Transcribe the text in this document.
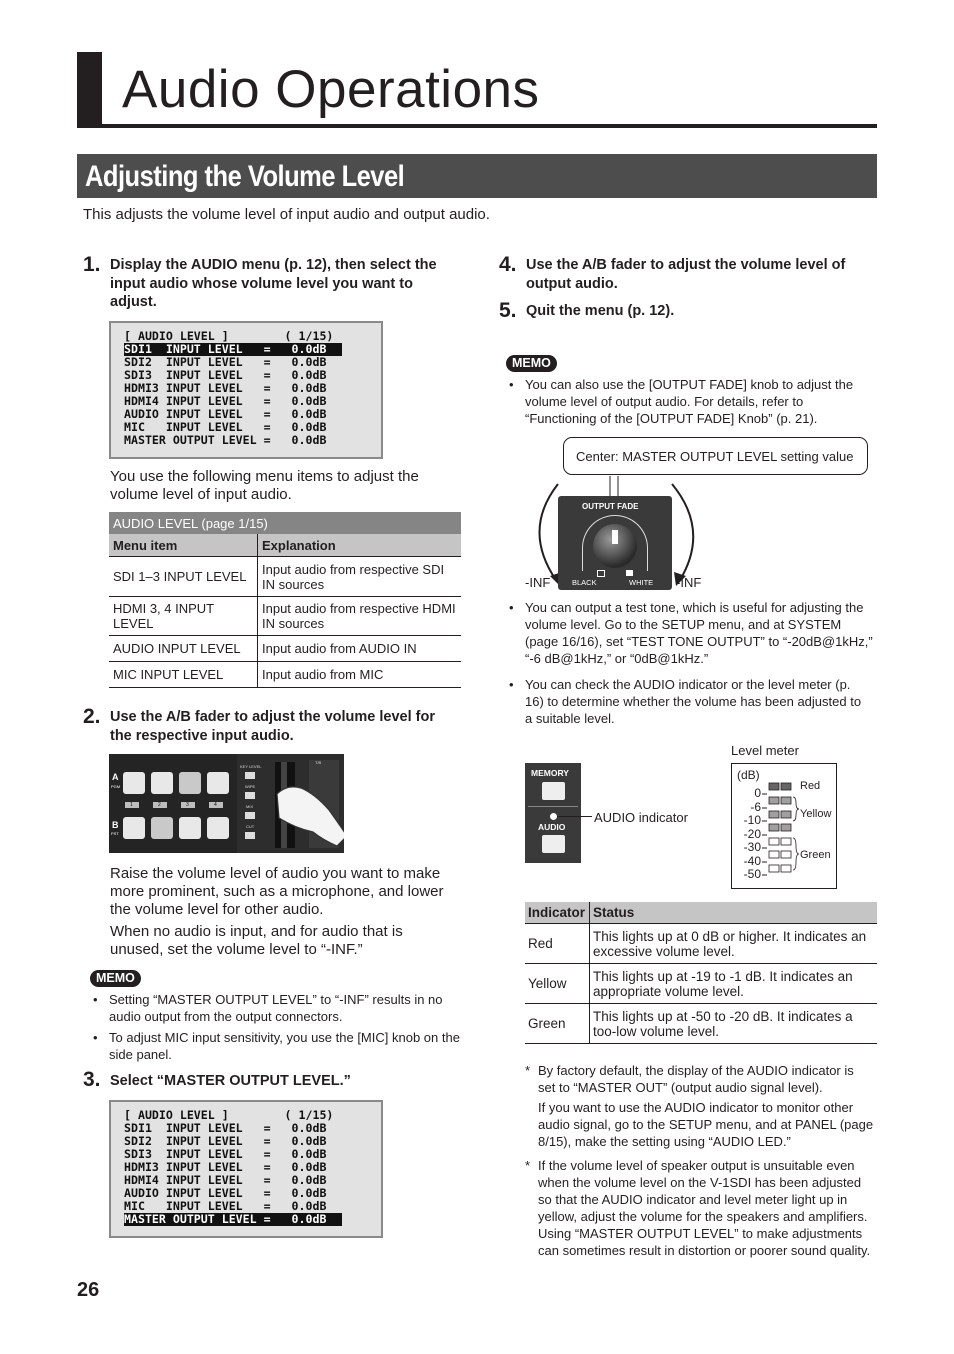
Audio Operations
Adjusting the Volume Level
This adjusts the volume level of input audio and output audio.
1. Display the AUDIO menu (p. 12), then select the input audio whose volume level you want to adjust.
[ AUDIO LEVEL ]        ( 1/15)
SDI1  INPUT LEVEL   =   0.0dB
SDI2  INPUT LEVEL   =   0.0dB
SDI3  INPUT LEVEL   =   0.0dB
HDMI3 INPUT LEVEL   =   0.0dB
HDMI4 INPUT LEVEL   =   0.0dB
AUDIO INPUT LEVEL   =   0.0dB
MIC   INPUT LEVEL   =   0.0dB
MASTER OUTPUT LEVEL =   0.0dB
You use the following menu items to adjust the volume level of input audio.
AUDIO LEVEL (page 1/15)	
Menu item	Explanation
SDI 1–3 INPUT LEVEL	Input audio from respective SDI IN sources
HDMI 3, 4 INPUT LEVEL	Input audio from respective HDMI IN sources
AUDIO INPUT LEVEL	Input audio from AUDIO IN
MIC INPUT LEVEL	Input audio from MIC
2. Use the A/B fader to adjust the volume level for the respective input audio.
A
PGM
B
PST
1	2	3	4
KEY LEVEL
WIPE
MIX
CUT
T/B
Raise the volume level of audio you want to make more prominent, such as a microphone, and lower the volume level for other audio.
When no audio is input, and for audio that is unused, set the volume level to “-INF.”
MEMO
• Setting “MASTER OUTPUT LEVEL” to “-INF” results in no audio output from the output connectors.
• To adjust MIC input sensitivity, you use the [MIC] knob on the side panel.
3. Select “MASTER OUTPUT LEVEL.”
[ AUDIO LEVEL ]        ( 1/15)
SDI1  INPUT LEVEL   =   0.0dB
SDI2  INPUT LEVEL   =   0.0dB
SDI3  INPUT LEVEL   =   0.0dB
HDMI3 INPUT LEVEL   =   0.0dB
HDMI4 INPUT LEVEL   =   0.0dB
AUDIO INPUT LEVEL   =   0.0dB
MIC   INPUT LEVEL   =   0.0dB
MASTER OUTPUT LEVEL =   0.0dB
26
4. Use the A/B fader to adjust the volume level of output audio.
5. Quit the menu (p. 12).
MEMO
• You can also use the [OUTPUT FADE] knob to adjust the volume level of output audio. For details, refer to “Functioning of the [OUTPUT FADE] Knob” (p. 21).
Center: MASTER OUTPUT LEVEL setting value
OUTPUT FADE
BLACK	WHITE
-INF	-INF
• You can output a test tone, which is useful for adjusting the volume level. Go to the SETUP menu, and at SYSTEM (page 16/16), set “TEST TONE OUTPUT” to “-20dB@1kHz,” “-6 dB@1kHz,” or “0dB@1kHz.”
• You can check the AUDIO indicator or the level meter (p. 16) to determine whether the volume has been adjusted to a suitable level.
MEMORY
AUDIO
AUDIO indicator
Level meter
(dB)
0
-6
-10
-20
-30
-40
-50
Red
Yellow
Green
Indicator	Status
Red	This lights up at 0 dB or higher. It indicates an excessive volume level.
Yellow	This lights up at -19 to -1 dB. It indicates an appropriate volume level.
Green	This lights up at -50 to -20 dB. It indicates a too-low volume level.
* By factory default, the display of the AUDIO indicator is set to “MASTER OUT” (output audio signal level).
If you want to use the AUDIO indicator to monitor other audio signal, go to the SETUP menu, and at PANEL (page 8/15), make the setting using “AUDIO LED.”
* If the volume level of speaker output is unsuitable even when the volume level on the V-1SDI has been adjusted so that the AUDIO indicator and level meter light up in yellow, adjust the volume for the speakers and amplifiers. Using “MASTER OUTPUT LEVEL” to make adjustments can sometimes result in distortion or poorer sound quality.
